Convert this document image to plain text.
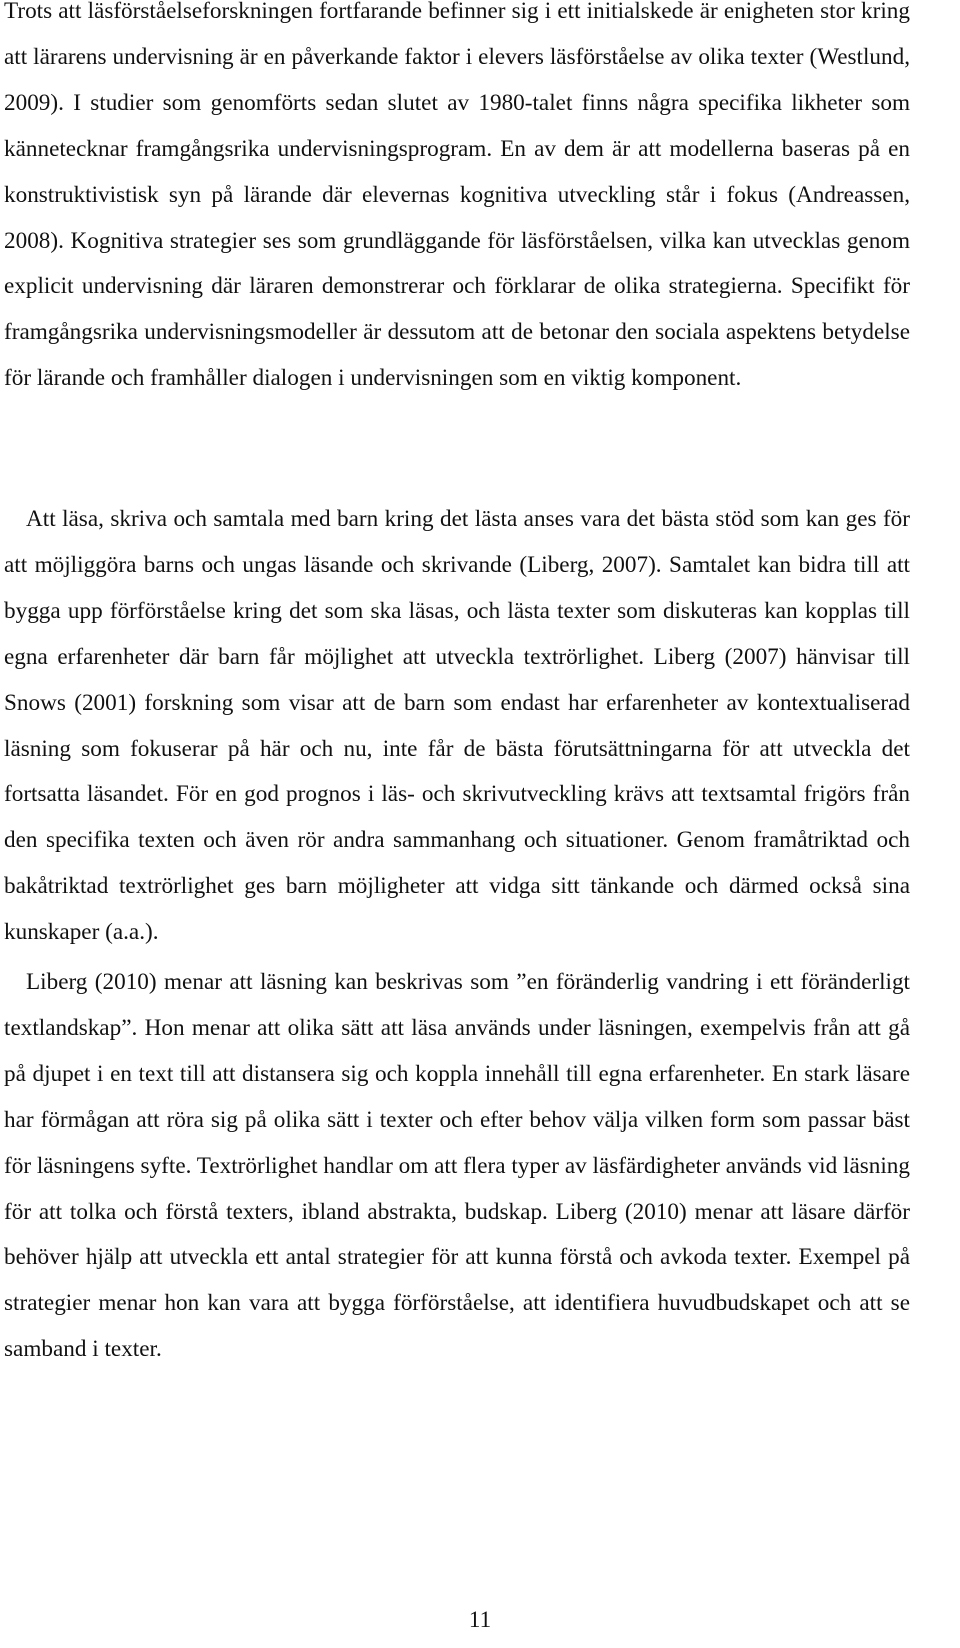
Trots att läsförståelseforskningen fortfarande befinner sig i ett initialskede är enigheten stor kring att lärarens undervisning är en påverkande faktor i elevers läsförståelse av olika texter (Westlund, 2009). I studier som genomförts sedan slutet av 1980-talet finns några specifika likheter som kännetecknar framgångsrika undervisningsprogram. En av dem är att modellerna baseras på en konstruktivistisk syn på lärande där elevernas kognitiva utveckling står i fokus (Andreassen, 2008). Kognitiva strategier ses som grundläggande för läsförståelsen, vilka kan utvecklas genom explicit undervisning där läraren demonstrerar och förklarar de olika strategierna. Specifikt för framgångsrika undervisningsmodeller är dessutom att de betonar den sociala aspektens betydelse för lärande och framhåller dialogen i undervisningen som en viktig komponent.

Att läsa, skriva och samtala med barn kring det lästa anses vara det bästa stöd som kan ges för att möjliggöra barns och ungas läsande och skrivande (Liberg, 2007). Samtalet kan bidra till att bygga upp förförståelse kring det som ska läsas, och lästa texter som diskuteras kan kopplas till egna erfarenheter där barn får möjlighet att utveckla textrörlighet. Liberg (2007) hänvisar till Snows (2001) forskning som visar att de barn som endast har erfarenheter av kontextualiserad läsning som fokuserar på här och nu, inte får de bästa förutsättningarna för att utveckla det fortsatta läsandet. För en god prognos i läs- och skrivutveckling krävs att textsamtal frigörs från den specifika texten och även rör andra sammanhang och situationer. Genom framåtriktad och bakåtriktad textrörlighet ges barn möjligheter att vidga sitt tänkande och därmed också sina kunskaper (a.a.).

Liberg (2010) menar att läsning kan beskrivas som ”en föränderlig vandring i ett föränderligt textlandskap”. Hon menar att olika sätt att läsa används under läsningen, exempelvis från att gå på djupet i en text till att distansera sig och koppla innehåll till egna erfarenheter. En stark läsare har förmågan att röra sig på olika sätt i texter och efter behov välja vilken form som passar bäst för läsningens syfte. Textrörlighet handlar om att flera typer av läsfärdigheter används vid läsning för att tolka och förstå texters, ibland abstrakta, budskap. Liberg (2010) menar att läsare därför behöver hjälp att utveckla ett antal strategier för att kunna förstå och avkoda texter. Exempel på strategier menar hon kan vara att bygga förförståelse, att identifiera huvudbudskapet och att se samband i texter.

11
